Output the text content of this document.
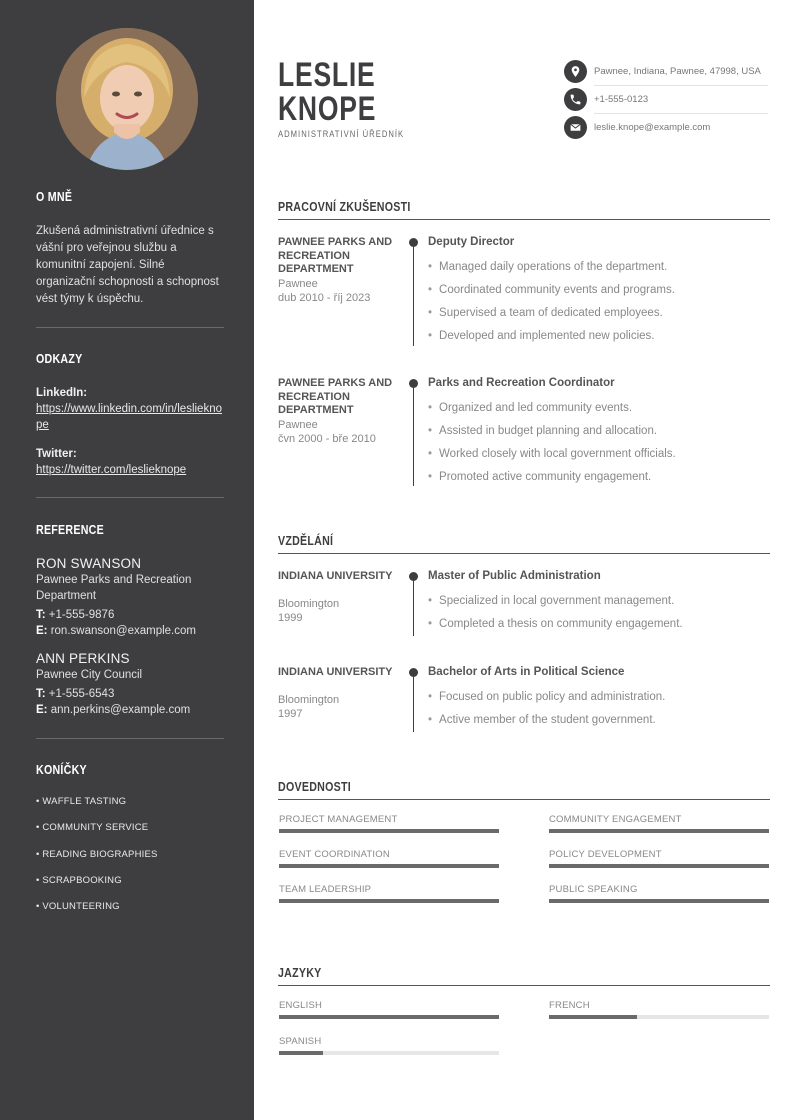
O MNĚ
Zkušená administrativní úřednice s vášní pro veřejnou službu a komunitní zapojení. Silné organizační schopnosti a schopnost vést týmy k úspěchu.
ODKAZY
LinkedIn:
https://www.linkedin.com/in/leslieknope
Twitter:
https://twitter.com/leslieknope
REFERENCE
RON SWANSON
Pawnee Parks and Recreation Department
T: +1-555-9876
E: ron.swanson@example.com
ANN PERKINS
Pawnee City Council
T: +1-555-6543
E: ann.perkins@example.com
KONÍČKY
• WAFFLE TASTING
• COMMUNITY SERVICE
• READING BIOGRAPHIES
• SCRAPBOOKING
• VOLUNTEERING
LESLIE
KNOPE
ADMINISTRATIVNÍ ÚŘEDNÍK
Pawnee, Indiana, Pawnee, 47998, USA
+1-555-0123
leslie.knope@example.com
PRACOVNÍ ZKUŠENOSTI
PAWNEE PARKS AND RECREATION DEPARTMENT
Pawnee
dub 2010 - říj 2023
Deputy Director
• Managed daily operations of the department.
• Coordinated community events and programs.
• Supervised a team of dedicated employees.
• Developed and implemented new policies.
PAWNEE PARKS AND RECREATION DEPARTMENT
Pawnee
čvn 2000 - bře 2010
Parks and Recreation Coordinator
• Organized and led community events.
• Assisted in budget planning and allocation.
• Worked closely with local government officials.
• Promoted active community engagement.
VZDĚLÁNÍ
INDIANA UNIVERSITY
Bloomington
1999
Master of Public Administration
• Specialized in local government management.
• Completed a thesis on community engagement.
INDIANA UNIVERSITY
Bloomington
1997
Bachelor of Arts in Political Science
• Focused on public policy and administration.
• Active member of the student government.
DOVEDNOSTI
PROJECT MANAGEMENT	COMMUNITY ENGAGEMENT
EVENT COORDINATION	POLICY DEVELOPMENT
TEAM LEADERSHIP	PUBLIC SPEAKING
JAZYKY
ENGLISH	FRENCH
SPANISH
